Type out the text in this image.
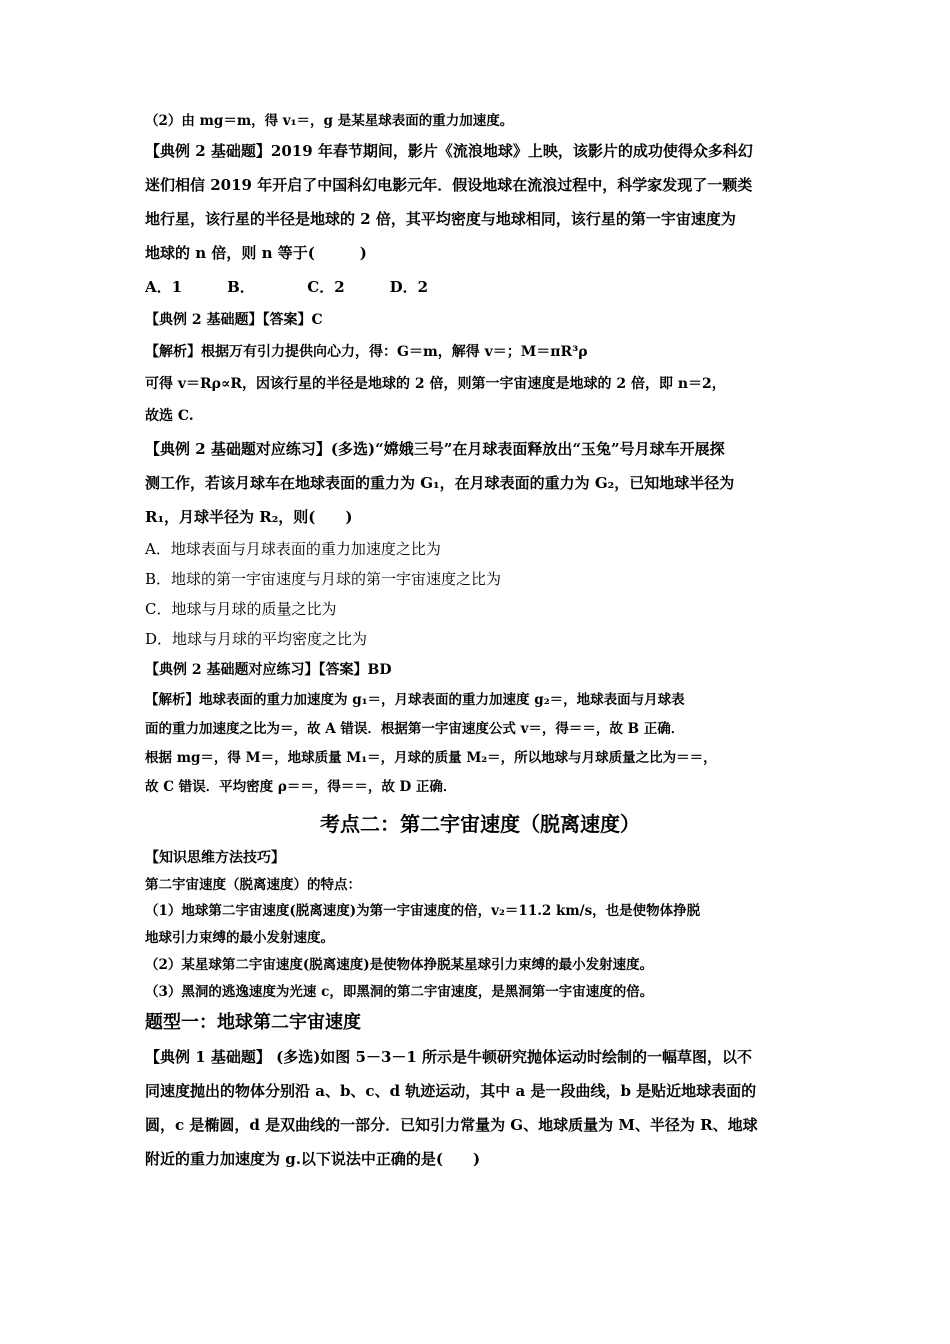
（2）由 mg＝m，得 v₁＝，g 是某星球表面的重力加速度。
【典例 2 基础题】2019 年春节期间，影片《流浪地球》上映，该影片的成功使得众多科幻
迷们相信 2019 年开启了中国科幻电影元年．假设地球在流浪过程中，科学家发现了一颗类
地行星，该行星的半径是地球的 2 倍，其平均密度与地球相同，该行星的第一宇宙速度为
地球的 n 倍，则 n 等于(　　　)
A．1　　　B．　　　　C．2　　　D．2
【典例 2 基础题】【答案】C
【解析】根据万有引力提供向心力，得：G＝m，解得 v＝；M＝πR³ρ
可得 v＝Rρ∝R，因该行星的半径是地球的 2 倍，则第一宇宙速度是地球的 2 倍，即 n＝2，
故选 C.
【典例 2 基础题对应练习】(多选)“嫦娥三号”在月球表面释放出“玉兔”号月球车开展探
测工作，若该月球车在地球表面的重力为 G₁，在月球表面的重力为 G₂，已知地球半径为
R₁，月球半径为 R₂，则(　　)
A．地球表面与月球表面的重力加速度之比为
B．地球的第一宇宙速度与月球的第一宇宙速度之比为
C．地球与月球的质量之比为
D．地球与月球的平均密度之比为
【典例 2 基础题对应练习】【答案】BD
【解析】地球表面的重力加速度为 g₁＝，月球表面的重力加速度 g₂＝，地球表面与月球表
面的重力加速度之比为＝，故 A 错误．根据第一宇宙速度公式 v＝，得＝＝，故 B 正确．
根据 mg＝，得 M＝，地球质量 M₁＝，月球的质量 M₂＝，所以地球与月球质量之比为＝＝，
故 C 错误．平均密度 ρ＝＝，得＝＝，故 D 正确．
考点二：第二宇宙速度（脱离速度）
【知识思维方法技巧】
第二宇宙速度（脱离速度）的特点：
（1）地球第二宇宙速度(脱离速度)为第一宇宙速度的倍，v₂＝11.2 km/s，也是使物体挣脱
地球引力束缚的最小发射速度。
（2）某星球第二宇宙速度(脱离速度)是使物体挣脱某星球引力束缚的最小发射速度。
（3）黑洞的逃逸速度为光速 c，即黑洞的第二宇宙速度，是黑洞第一宇宙速度的倍。
题型一：地球第二宇宙速度
【典例 1 基础题】 (多选)如图 5－3－1 所示是牛顿研究抛体运动时绘制的一幅草图，以不
同速度抛出的物体分别沿 a、b、c、d 轨迹运动，其中 a 是一段曲线，b 是贴近地球表面的
圆，c 是椭圆，d 是双曲线的一部分．已知引力常量为 G、地球质量为 M、半径为 R、地球
附近的重力加速度为 g.以下说法中正确的是(　　)
